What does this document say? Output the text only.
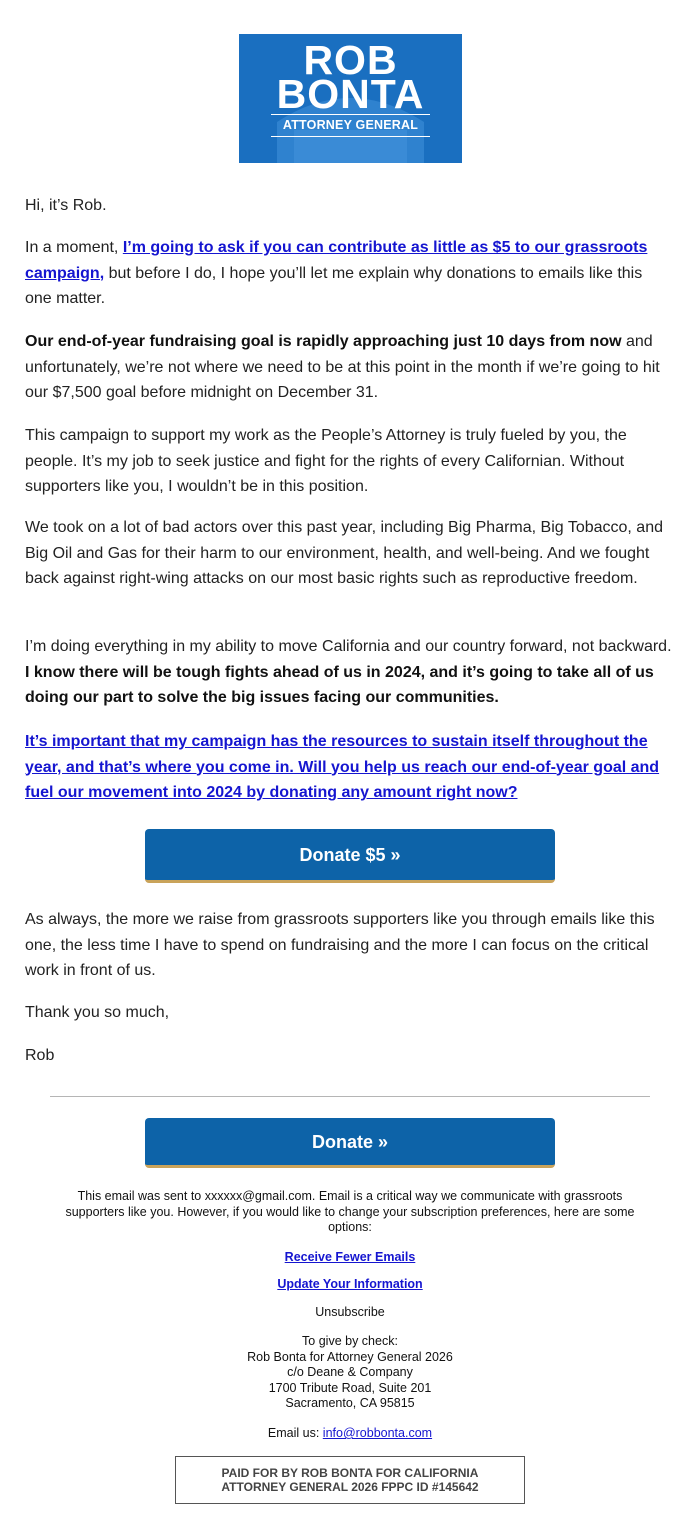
ROB
BONTA
ATTORNEY GENERAL
Hi, it’s Rob.
In a moment, I’m going to ask if you can contribute as little as $5 to our grassroots campaign, but before I do, I hope you’ll let me explain why donations to emails like this one matter.
Our end-of-year fundraising goal is rapidly approaching just 10 days from now and unfortunately, we’re not where we need to be at this point in the month if we’re going to hit our $7,500 goal before midnight on December 31.
This campaign to support my work as the People’s Attorney is truly fueled by you, the people. It’s my job to seek justice and fight for the rights of every Californian. Without supporters like you, I wouldn’t be in this position.
We took on a lot of bad actors over this past year, including Big Pharma, Big Tobacco, and Big Oil and Gas for their harm to our environment, health, and well-being. And we fought back against right-wing attacks on our most basic rights such as reproductive freedom.
I’m doing everything in my ability to move California and our country forward, not backward. I know there will be tough fights ahead of us in 2024, and it’s going to take all of us doing our part to solve the big issues facing our communities.
It’s important that my campaign has the resources to sustain itself throughout the year, and that’s where you come in. Will you help us reach our end-of-year goal and fuel our movement into 2024 by donating any amount right now?
Donate $5 »
As always, the more we raise from grassroots supporters like you through emails like this one, the less time I have to spend on fundraising and the more I can focus on the critical work in front of us.
Thank you so much,
Rob
Donate »
This email was sent to xxxxxx@gmail.com. Email is a critical way we communicate with grassroots supporters like you. However, if you would like to change your subscription preferences, here are some options:
Receive Fewer Emails
Update Your Information
Unsubscribe
To give by check:
Rob Bonta for Attorney General 2026
c/o Deane & Company
1700 Tribute Road, Suite 201
Sacramento, CA 95815
Email us: info@robbonta.com
PAID FOR BY ROB BONTA FOR CALIFORNIA
ATTORNEY GENERAL 2026 FPPC ID #145642
